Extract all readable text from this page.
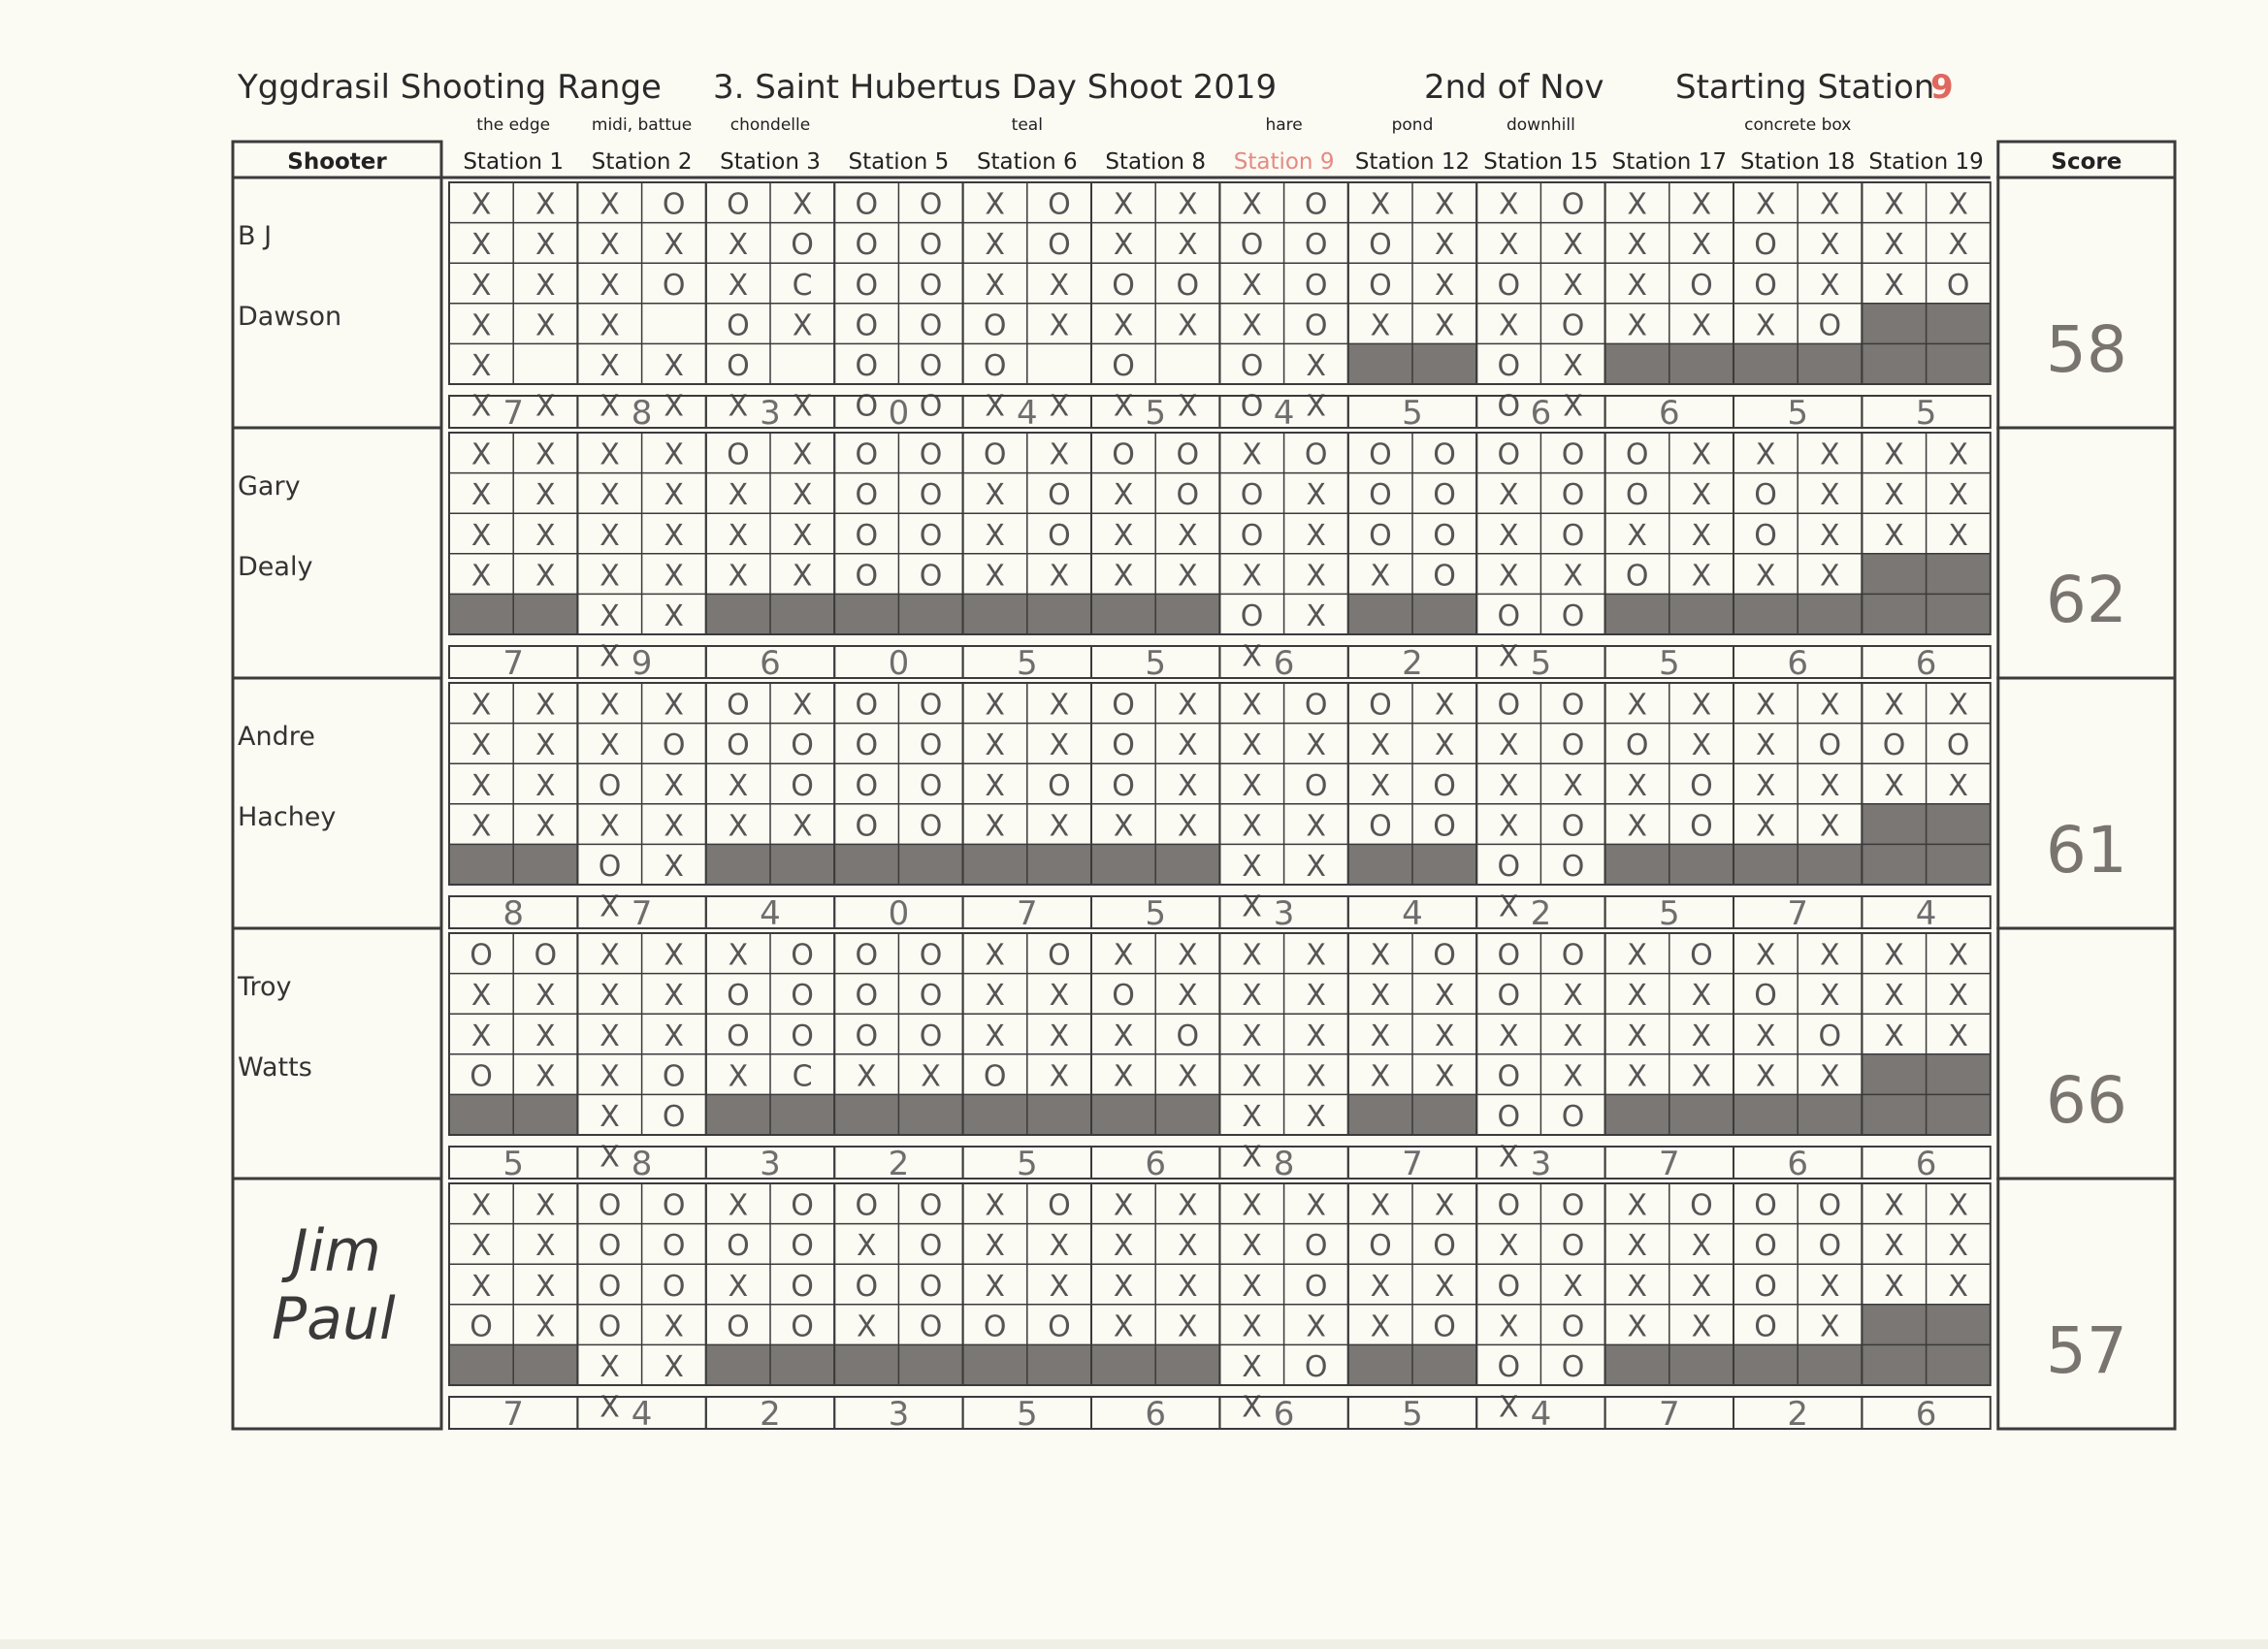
Yggdrasil Shooting Range 3. Saint Hubertus Day Shoot 2019	2nd of Nov Starting Station
9
Shooter	Score
Station 1
the edge
Station 2
midi, battue
Station 3
chondelle
Station 5 Station 6
teal
Station 8 Station 9
hare
Station 12
pond
Station 15
downhill
Station 17 Station 18
concrete box
Station 19
58
B J
Dawson
X X
X X
X X
X X
X
X X
7
X O
X X
X O
X
X X
X X
8
O X
X O
X C
O X
O
X X
3
O O
O O
O O
O O
O O
O O
0
X O
X O
X X
O X
O
X X
4
X X
X X
O O
X X
O
X X
5
X O
O O
X O
X O
O X
O X
4
X X
O X
O X
X X
5
X O
X X
O X
X O
O X
O X
6
X X
X X
X O
X X
6
X X
O X
O X
X O
5
X X
X X
X O
5
62
Gary
Dealy
X X
X X
X X
X X
7
X X
X X
X X
X X
X X
X 9
O X
X X
X X
X X
6
O O
O O
O O
O O
0
O X
X O
X O
X X
5
O O
X O
X X
X X
5
X O
O X
O X
X X
O X
X 6
O O
O O
O O
X O
2
O O
X O
X O
X X
O O
X 5
O X
O X
X X
O X
5
X X
O X
O X
X X
6
X X
X X
X X
6
61
Andre
Hachey
X X
X X
X X
X X
8
X X
X O
O X
X X
O X
X 7
O X
O O
X O
X X
4
O O
O O
O O
O O
0
X X
X X
X O
X X
7
O X
O X
O X
X X
5
X O
X X
X O
X X
X X
X 3
O X
X X
X O
O O
4
O O
X O
X X
X O
O O
X 2
X X
O X
X O
X O
5
X X
X O
X X
X X
7
X X
O O
X X
4
66
Troy
Watts
O O
X X
X X
O X
5
X X
X X
X X
X O
X O
X 8
X O
O O
O O
X C
3
O O
O O
O O
X X
2
X O
X X
X X
O X
5
X X
O X
X O
X X
6
X X
X X
X X
X X
X X
X 8
X O
X X
X X
X X
7
O O
O X
X X
O X
O O
X 3
X O
X X
X X
X X
7
X X
O X
X O
X X
6
X X
X X
X X
6
57
Jim
Paul
X X
X X
X X
O X
7
O O
O O
O O
O X
X X
X 4
X O
O O
X O
O O
2
O O
X O
O O
X O
3
X O
X X
X X
O O
5
X X
X X
X X
X X
6
X X
X O
X O
X X
X O
X 6
X X
O O
X X
X O
5
O O
X O
O X
X O
O O
X 4
X O
X X
X X
X X
7
O O
O O
O X
O X
2
X X
X X
X X
6
